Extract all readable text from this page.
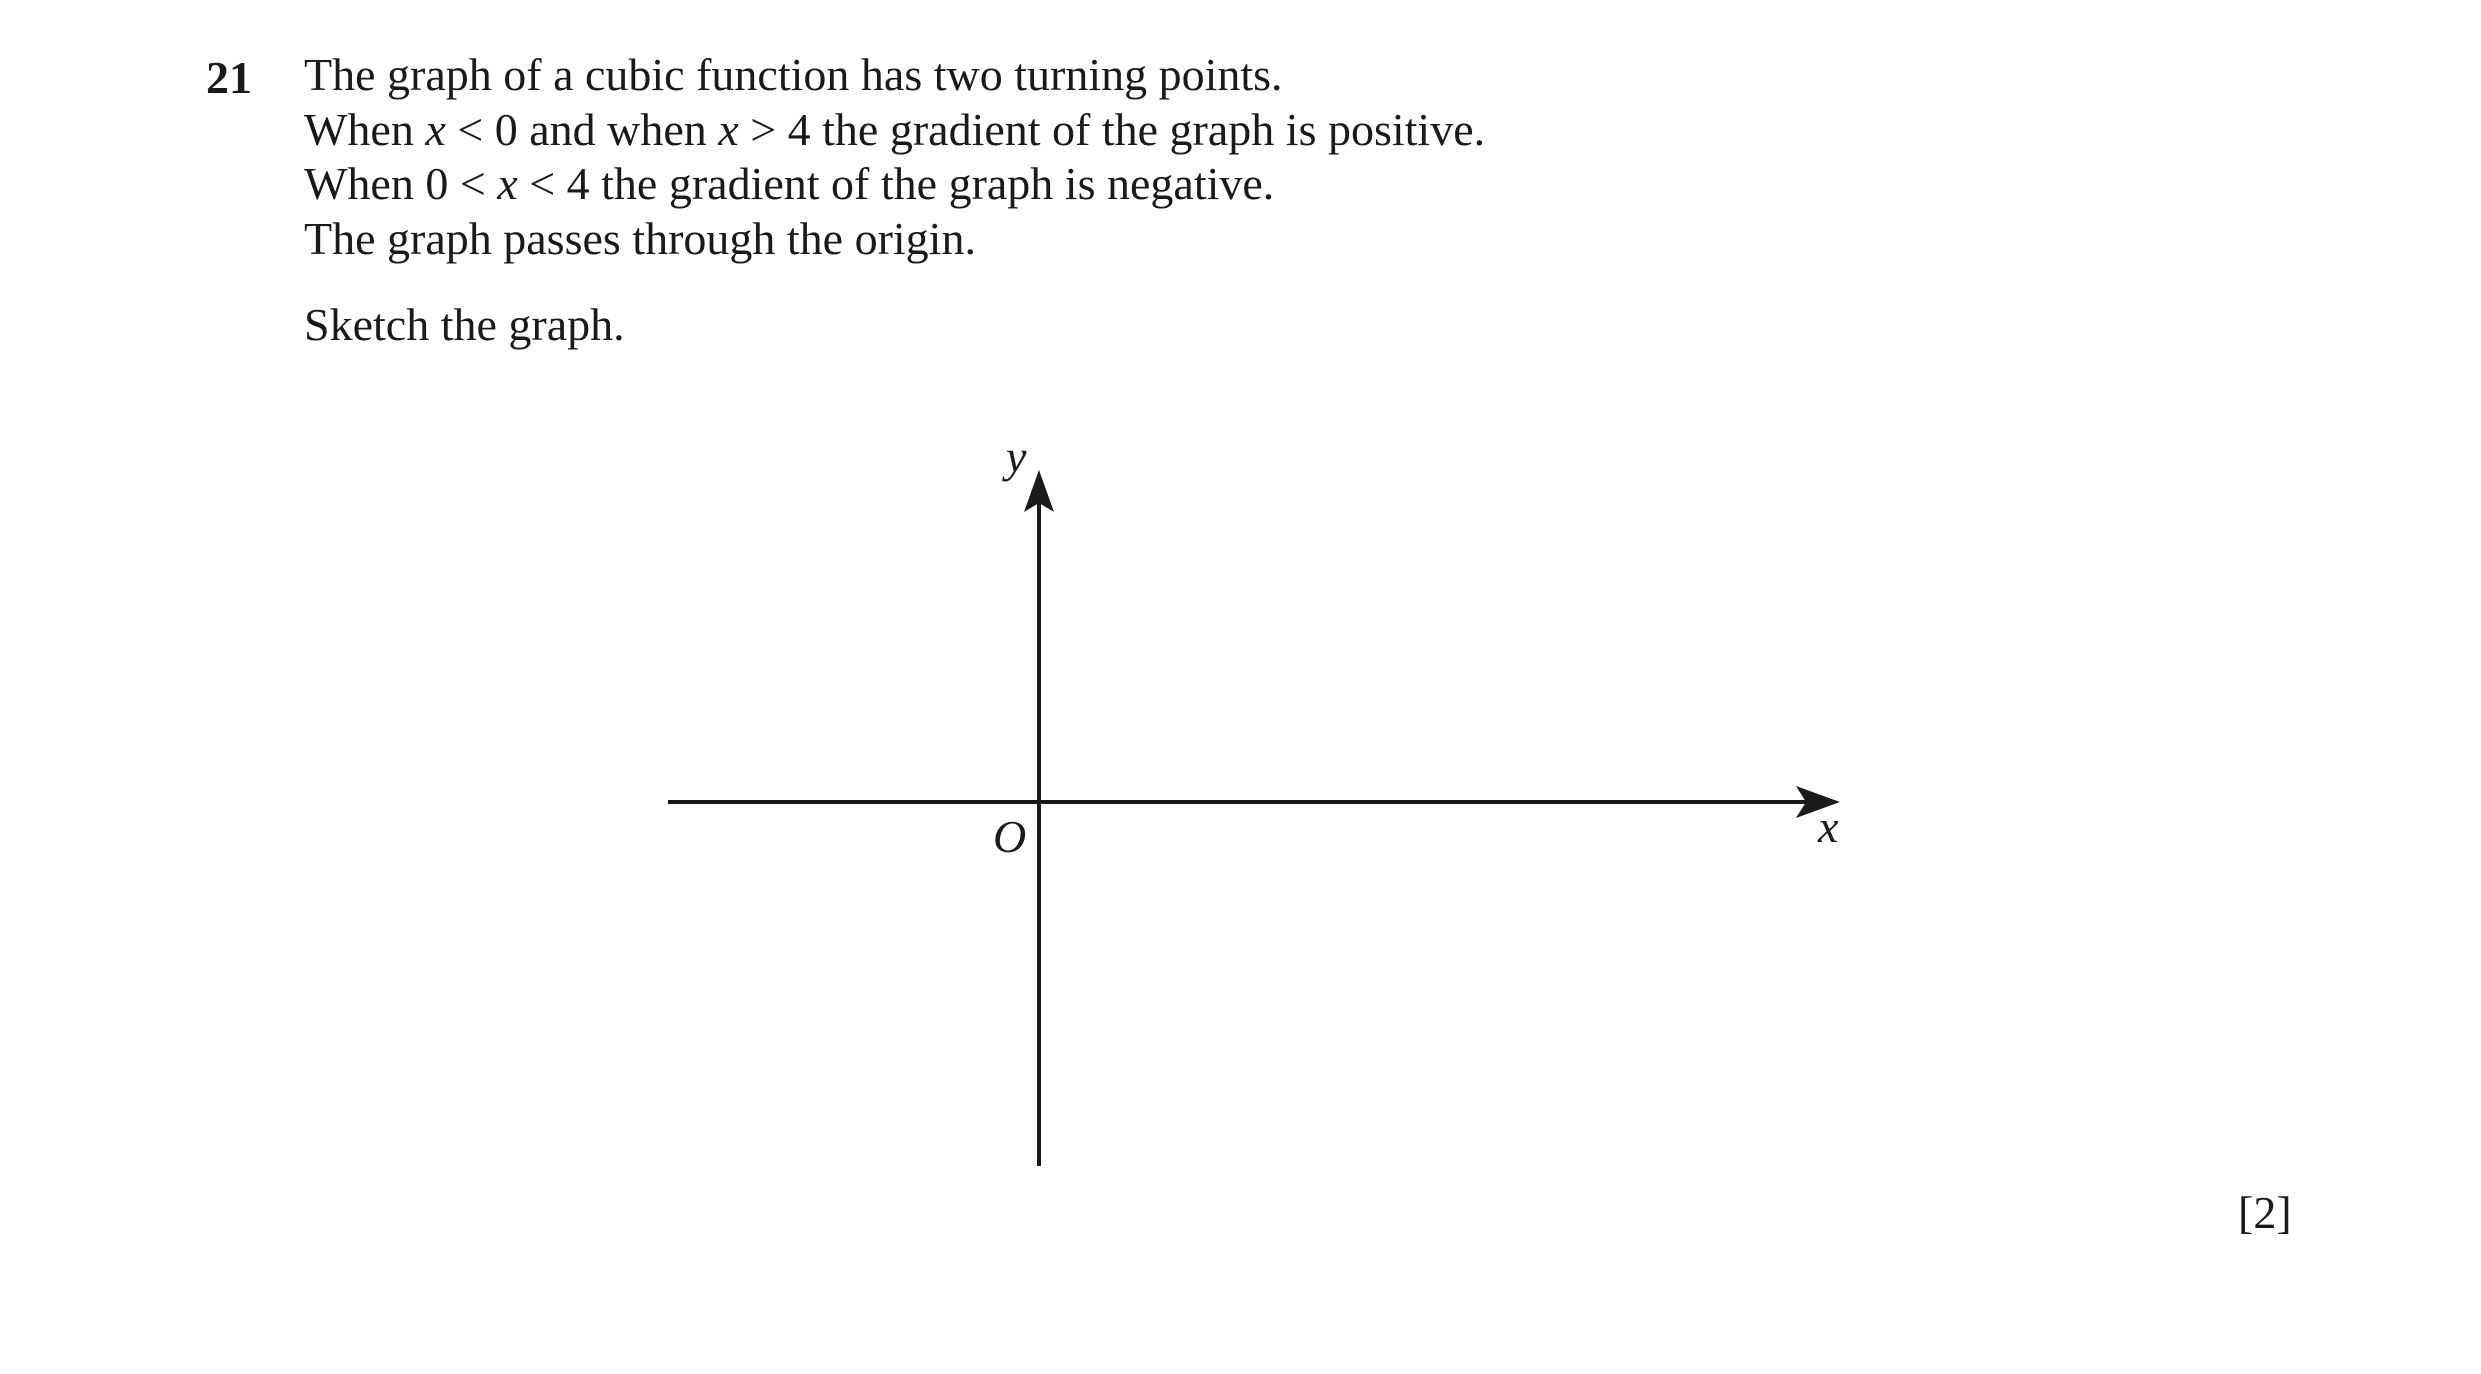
21 The graph of a cubic function has two turning points.
When x < 0 and when x > 4 the gradient of the graph is positive.
When 0 < x < 4 the gradient of the graph is negative.
The graph passes through the origin.
Sketch the graph.
y
x
O
[2]
